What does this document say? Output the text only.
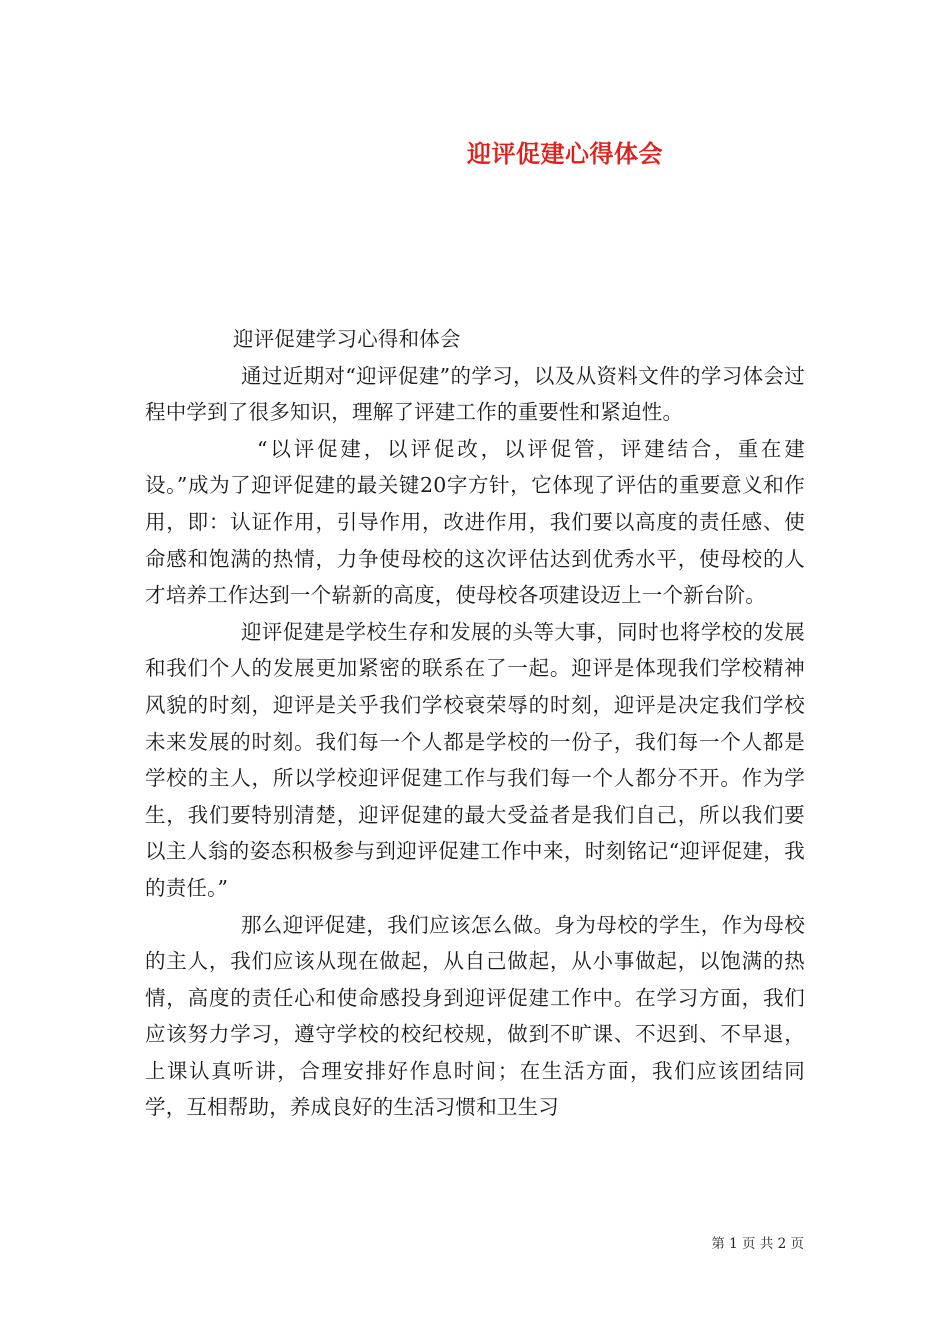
迎评促建心得体会

迎评促建学习心得和体会

通过近期对“迎评促建”的学习，以及从资料文件的学习体会过程中学到了很多知识，理解了评建工作的重要性和紧迫性。

“以评促建，以评促改，以评促管，评建结合，重在建设。”成为了迎评促建的最关键20字方针，它体现了评估的重要意义和作用，即：认证作用，引导作用，改进作用，我们要以高度的责任感、使命感和饱满的热情，力争使母校的这次评估达到优秀水平，使母校的人才培养工作达到一个崭新的高度，使母校各项建设迈上一个新台阶。

迎评促建是学校生存和发展的头等大事，同时也将学校的发展和我们个人的发展更加紧密的联系在了一起。迎评是体现我们学校精神风貌的时刻，迎评是关乎我们学校衰荣辱的时刻，迎评是决定我们学校未来发展的时刻。我们每一个人都是学校的一份子，我们每一个人都是学校的主人，所以学校迎评促建工作与我们每一个人都分不开。作为学生，我们要特别清楚，迎评促建的最大受益者是我们自己，所以我们要以主人翁的姿态积极参与到迎评促建工作中来，时刻铭记“迎评促建，我的责任。”

那么迎评促建，我们应该怎么做。身为母校的学生，作为母校的主人，我们应该从现在做起，从自己做起，从小事做起，以饱满的热情，高度的责任心和使命感投身到迎评促建工作中。在学习方面，我们应该努力学习，遵守学校的校纪校规，做到不旷课、不迟到、不早退，上课认真听讲，合理安排好作息时间；在生活方面，我们应该团结同学，互相帮助，养成良好的生活习惯和卫生习

第 1 页 共 2 页
